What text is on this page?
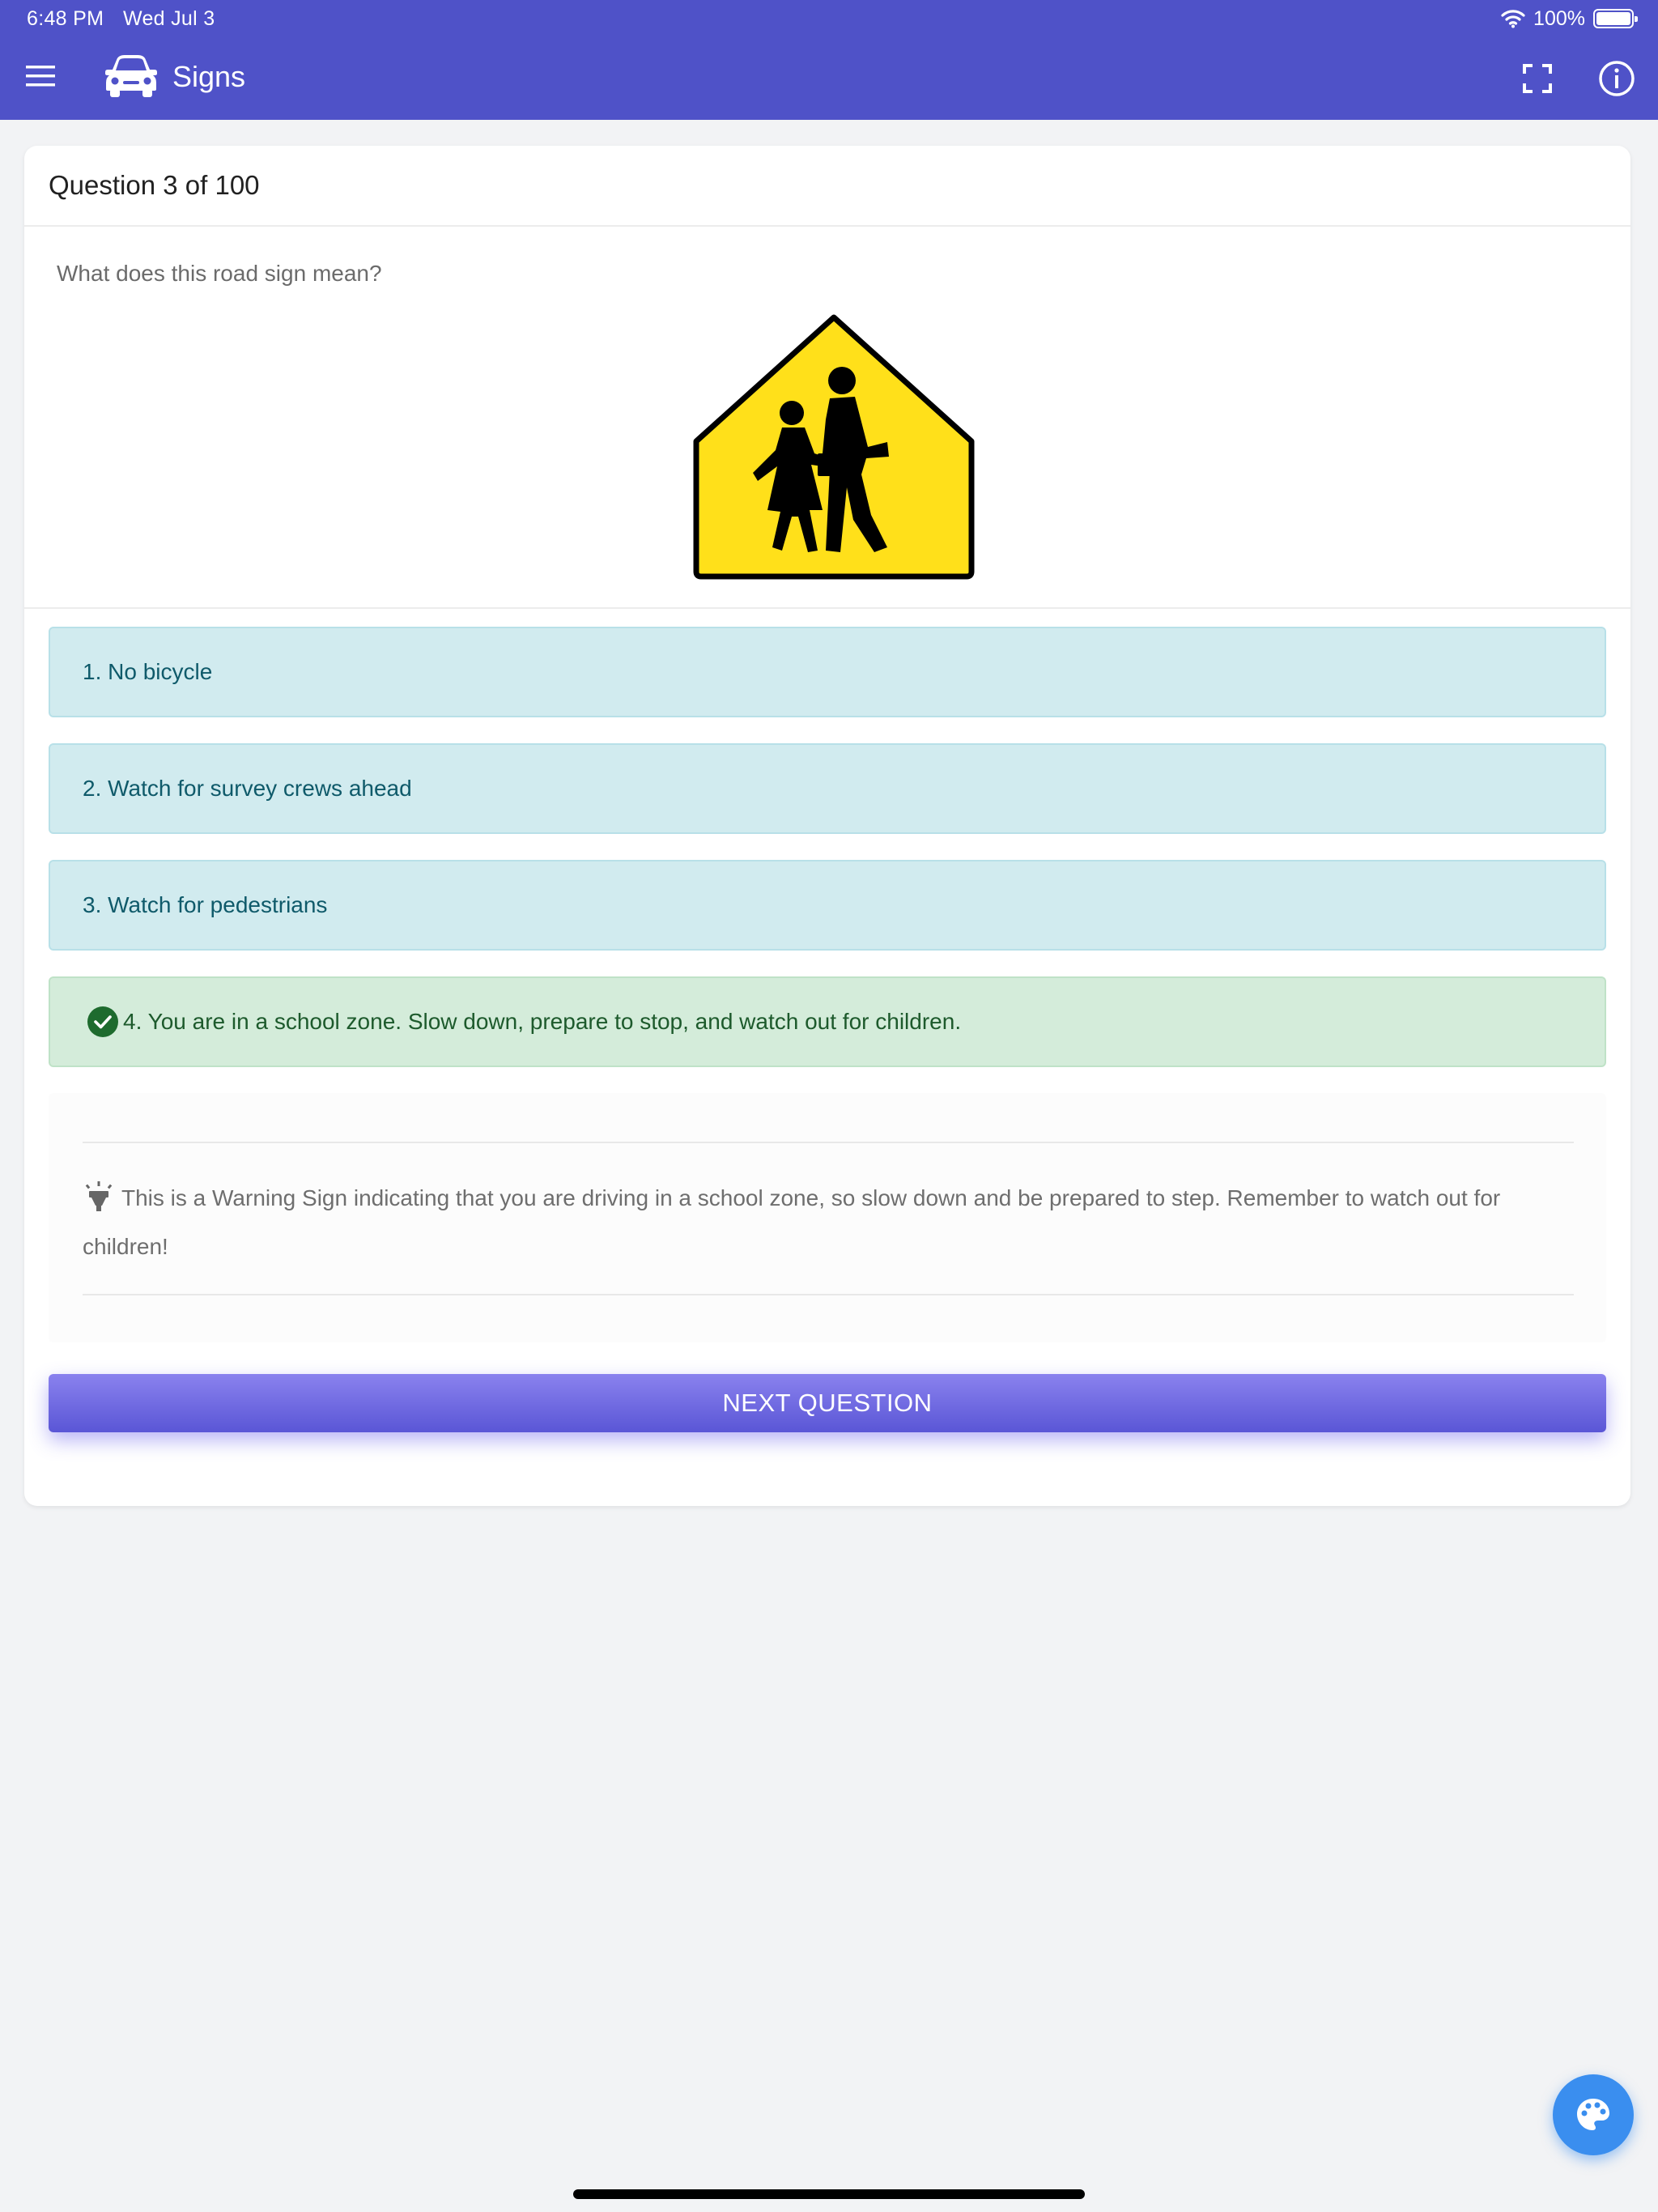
6:48 PM Wed Jul 3	100%
Signs
Question 3 of 100
What does this road sign mean?
1. No bicycle
2. Watch for survey crews ahead
3. Watch for pedestrians
4. You are in a school zone. Slow down, prepare to stop, and watch out for children.
This is a Warning Sign indicating that you are driving in a school zone, so slow down and be prepared to step. Remember to watch out for children!
NEXT QUESTION
